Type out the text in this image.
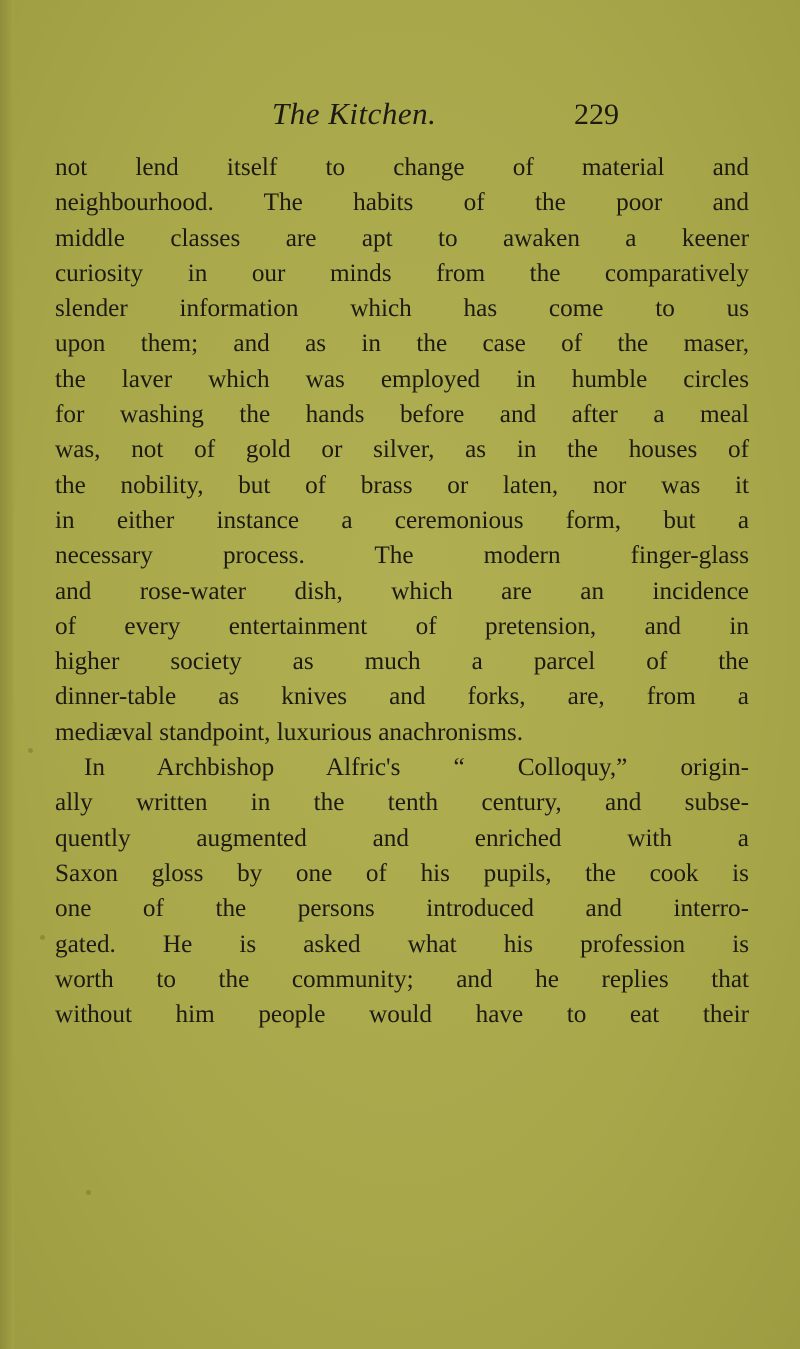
The Kitchen.	229
not lend itself to change of material and
neighbourhood. The habits of the poor and
middle classes are apt to awaken a keener
curiosity in our minds from the comparatively
slender information which has come to us
upon them; and as in the case of the maser,
the laver which was employed in humble circles
for washing the hands before and after a meal
was, not of gold or silver, as in the houses of
the nobility, but of brass or laten, nor was it
in either instance a ceremonious form, but a
necessary process. The modern finger-glass
and rose-water dish, which are an incidence
of every entertainment of pretension, and in
higher society as much a parcel of the
dinner-table as knives and forks, are, from a
mediæval standpoint, luxurious anachronisms.
In Archbishop Alfric's “ Colloquy,” origin-
ally written in the tenth century, and subse-
quently augmented and enriched with a
Saxon gloss by one of his pupils, the cook is
one of the persons introduced and interro-
gated. He is asked what his profession is
worth to the community; and he replies that
without him people would have to eat their
